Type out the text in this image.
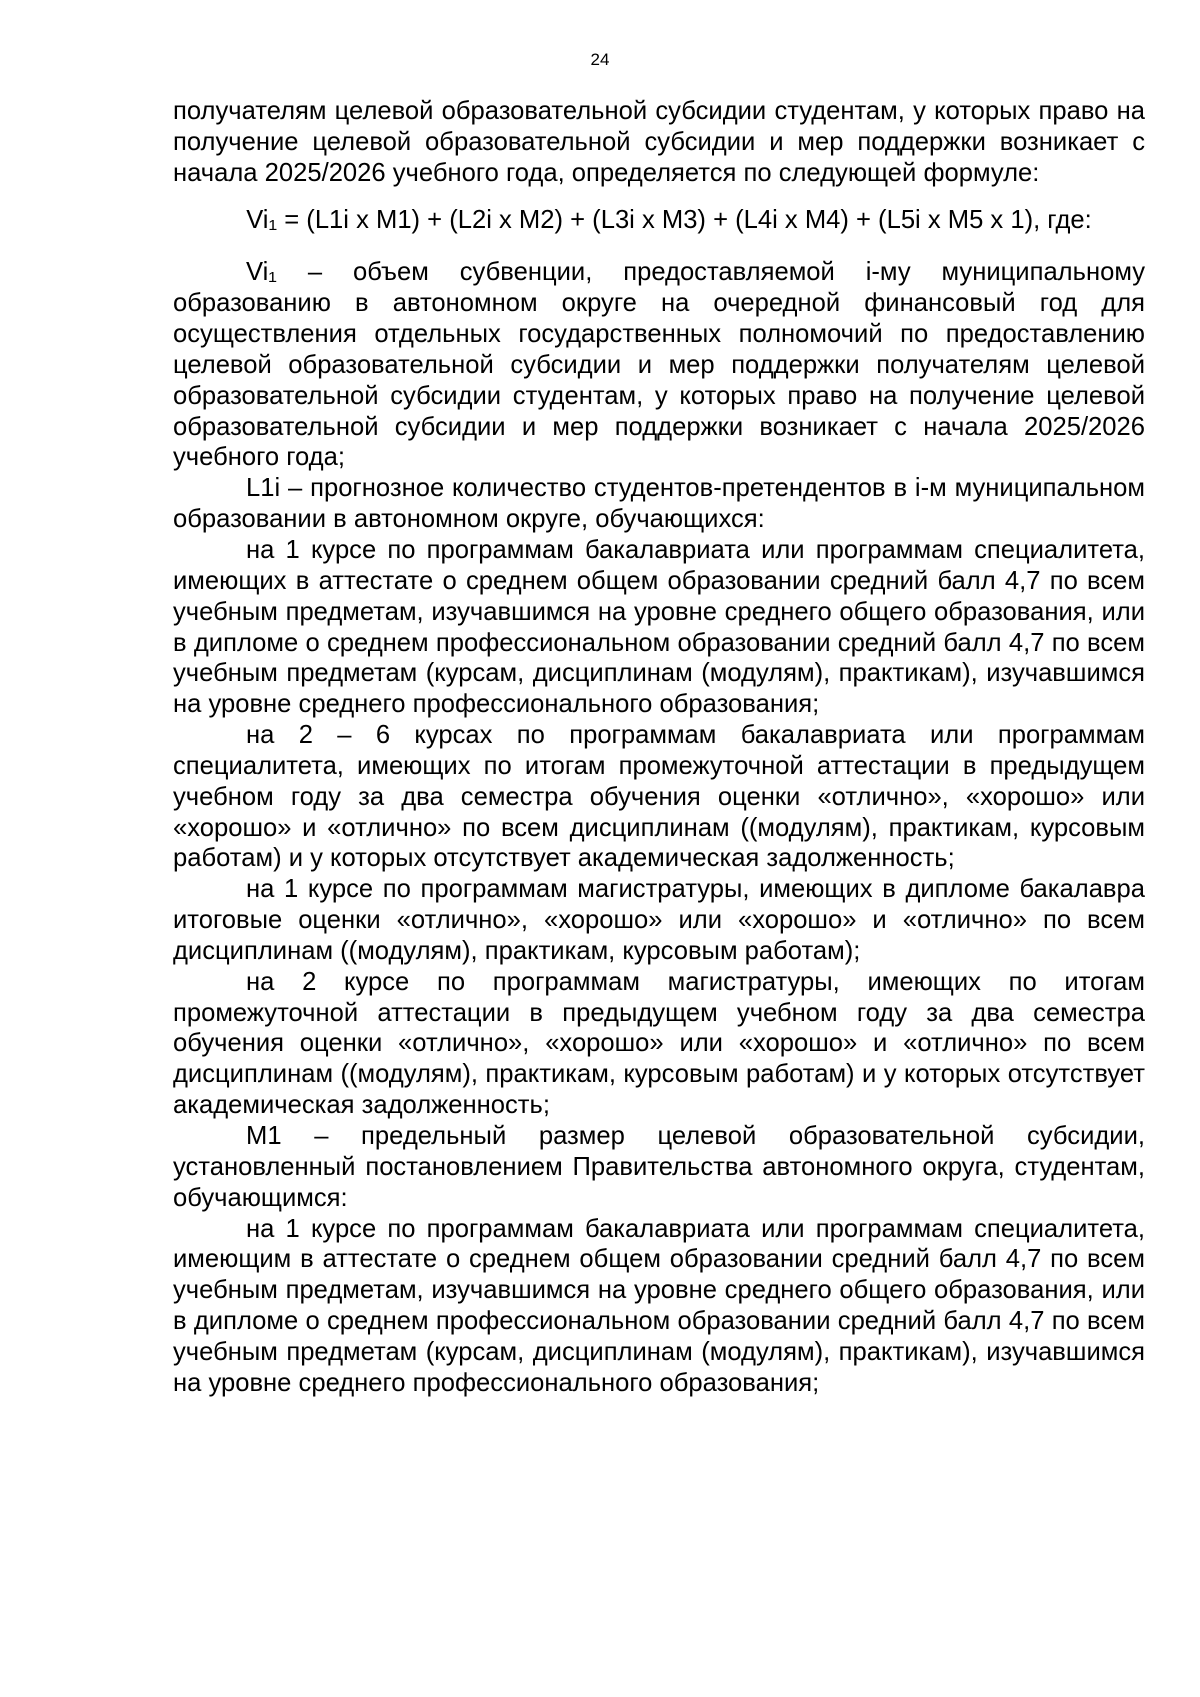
24

получателям целевой образовательной субсидии студентам, у которых право на получение целевой образовательной субсидии и мер поддержки возникает с начала 2025/2026 учебного года, определяется по следующей формуле:

Vi₁ = (L1i x M1) + (L2i x M2) + (L3i x M3) + (L4i x M4) + (L5i x M5 x 1), где:

Vi₁ – объем субвенции, предоставляемой i-му муниципальному образованию в автономном округе на очередной финансовый год для осуществления отдельных государственных полномочий по предоставлению целевой образовательной субсидии и мер поддержки получателям целевой образовательной субсидии студентам, у которых право на получение целевой образовательной субсидии и мер поддержки возникает с начала 2025/2026 учебного года;

L1i – прогнозное количество студентов-претендентов в i-м муниципальном образовании в автономном округе, обучающихся:

на 1 курсе по программам бакалавриата или программам специалитета, имеющих в аттестате о среднем общем образовании средний балл 4,7 по всем учебным предметам, изучавшимся на уровне среднего общего образования, или в дипломе о среднем профессиональном образовании средний балл 4,7 по всем учебным предметам (курсам, дисциплинам (модулям), практикам), изучавшимся на уровне среднего профессионального образования;

на 2 – 6 курсах по программам бакалавриата или программам специалитета, имеющих по итогам промежуточной аттестации в предыдущем учебном году за два семестра обучения оценки «отлично», «хорошо» или «хорошо» и «отлично» по всем дисциплинам ((модулям), практикам, курсовым работам) и у которых отсутствует академическая задолженность;

на 1 курсе по программам магистратуры, имеющих в дипломе бакалавра итоговые оценки «отлично», «хорошо» или «хорошо» и «отлично» по всем дисциплинам ((модулям), практикам, курсовым работам);

на 2 курсе по программам магистратуры, имеющих по итогам промежуточной аттестации в предыдущем учебном году за два семестра обучения оценки «отлично», «хорошо» или «хорошо» и «отлично» по всем дисциплинам ((модулям), практикам, курсовым работам) и у которых отсутствует академическая задолженность;

M1 – предельный размер целевой образовательной субсидии, установленный постановлением Правительства автономного округа, студентам, обучающимся:

на 1 курсе по программам бакалавриата или программам специалитета, имеющим в аттестате о среднем общем образовании средний балл 4,7 по всем учебным предметам, изучавшимся на уровне среднего общего образования, или в дипломе о среднем профессиональном образовании средний балл 4,7 по всем учебным предметам (курсам, дисциплинам (модулям), практикам), изучавшимся на уровне среднего профессионального образования;
